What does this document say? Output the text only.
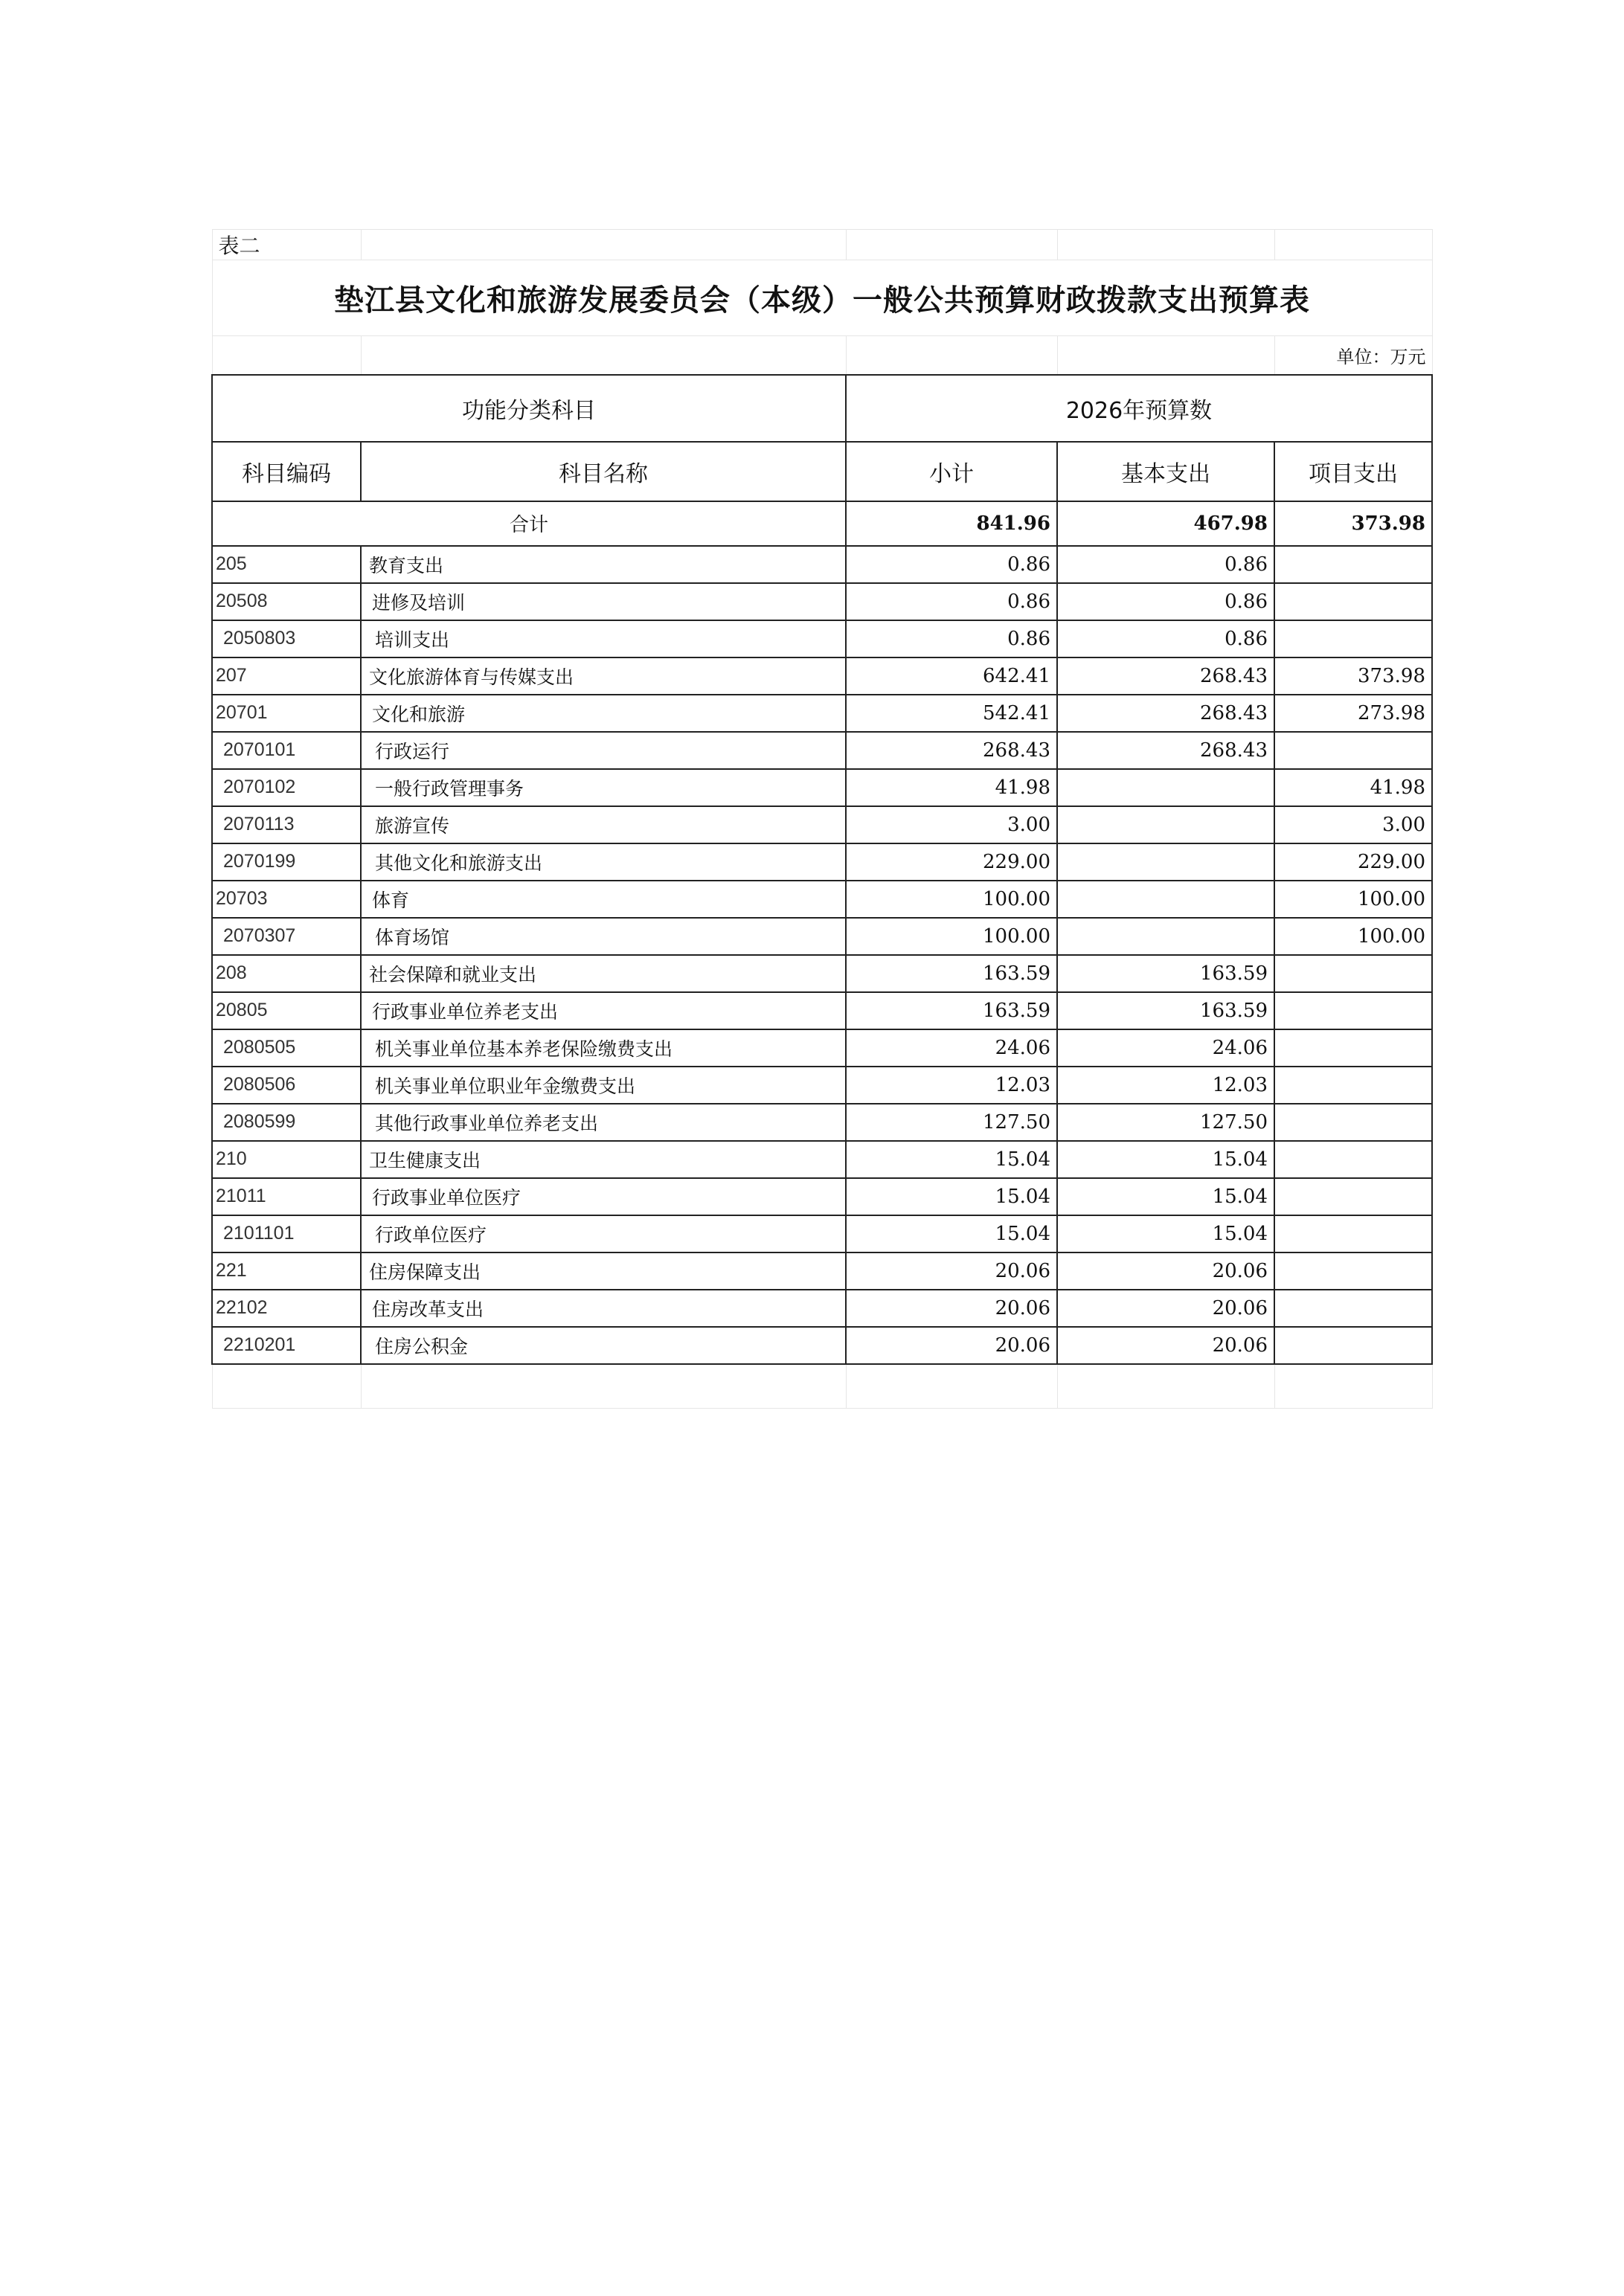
表二				
垫江县文化和旅游发展委员会（本级）一般公共预算财政拨款支出预算表				
				单位：万元
功能分类科目		2026年预算数		
科目编码	科目名称	小计	基本支出	项目支出
合计		841.96	467.98	373.98
205	教育支出	0.86	0.86	
20508	进修及培训	0.86	0.86	
2050803	培训支出	0.86	0.86	
207	文化旅游体育与传媒支出	642.41	268.43	373.98
20701	文化和旅游	542.41	268.43	273.98
2070101	行政运行	268.43	268.43	
2070102	一般行政管理事务	41.98		41.98
2070113	旅游宣传	3.00		3.00
2070199	其他文化和旅游支出	229.00		229.00
20703	体育	100.00		100.00
2070307	体育场馆	100.00		100.00
208	社会保障和就业支出	163.59	163.59	
20805	行政事业单位养老支出	163.59	163.59	
2080505	机关事业单位基本养老保险缴费支出	24.06	24.06	
2080506	机关事业单位职业年金缴费支出	12.03	12.03	
2080599	其他行政事业单位养老支出	127.50	127.50	
210	卫生健康支出	15.04	15.04	
21011	行政事业单位医疗	15.04	15.04	
2101101	行政单位医疗	15.04	15.04	
221	住房保障支出	20.06	20.06	
22102	住房改革支出	20.06	20.06	
2210201	住房公积金	20.06	20.06	
